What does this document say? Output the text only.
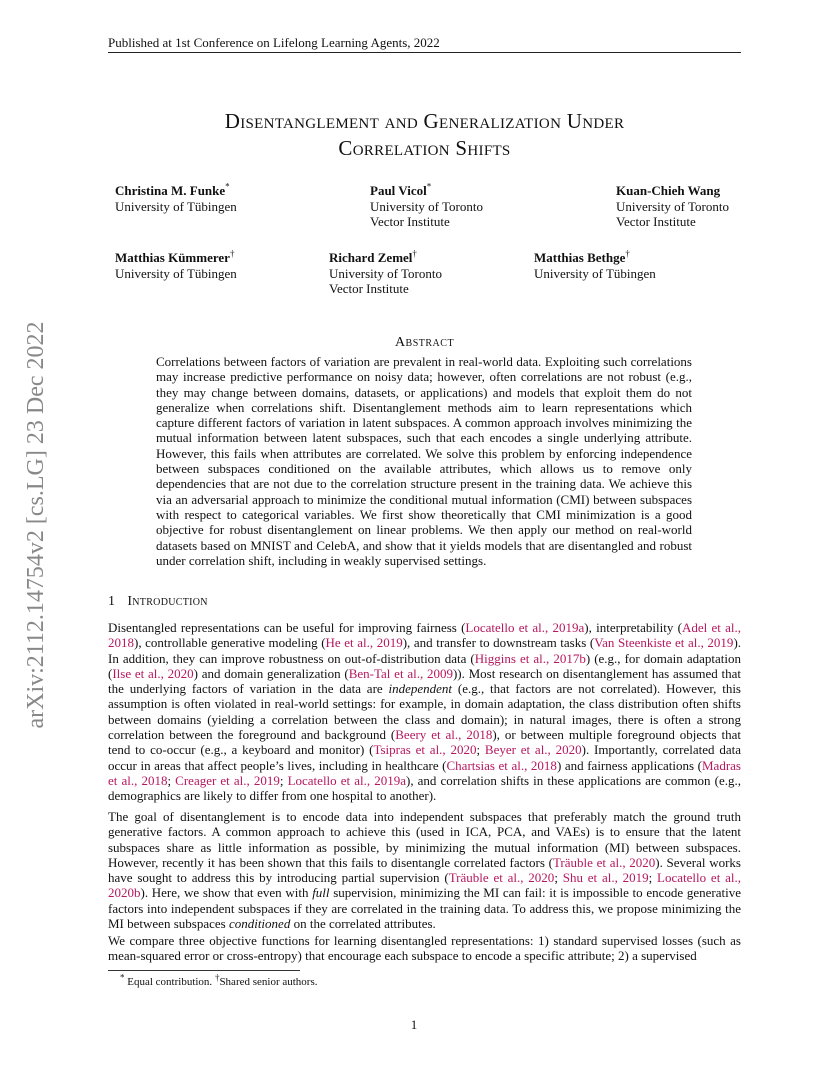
Published at 1st Conference on Lifelong Learning Agents, 2022
arXiv:2112.14754v2 [cs.LG] 23 Dec 2022
Disentanglement and Generalization Under
Correlation Shifts
Christina M. Funke*
University of Tübingen
Paul Vicol*
University of Toronto
Vector Institute
Kuan-Chieh Wang
University of Toronto
Vector Institute
Matthias Kümmerer†
University of Tübingen
Richard Zemel†
University of Toronto
Vector Institute
Matthias Bethge†
University of Tübingen
Abstract
Correlations between factors of variation are prevalent in real-world data. Exploiting such correlations may increase predictive performance on noisy data; however, often correlations are not robust (e.g., they may change between domains, datasets, or applications) and models that exploit them do not generalize when correlations shift. Disentanglement methods aim to learn representations which capture different factors of variation in latent subspaces. A common approach involves minimizing the mutual information between latent subspaces, such that each encodes a single underlying attribute. However, this fails when attributes are correlated. We solve this problem by enforcing independence between subspaces conditioned on the available attributes, which allows us to remove only dependencies that are not due to the correlation structure present in the training data. We achieve this via an adversarial approach to minimize the conditional mutual information (CMI) between subspaces with respect to categorical variables. We first show theoretically that CMI minimization is a good objective for robust disentanglement on linear problems. We then apply our method on real-world datasets based on MNIST and CelebA, and show that it yields models that are disentangled and robust under correlation shift, including in weakly supervised settings.
1 Introduction
Disentangled representations can be useful for improving fairness (Locatello et al., 2019a), interpretability (Adel et al., 2018), controllable generative modeling (He et al., 2019), and transfer to downstream tasks (Van Steenkiste et al., 2019). In addition, they can improve robustness on out-of-distribution data (Higgins et al., 2017b) (e.g., for domain adaptation (Ilse et al., 2020) and domain generalization (Ben-Tal et al., 2009)). Most research on disentanglement has assumed that the underlying factors of variation in the data are independent (e.g., that factors are not correlated). However, this assumption is often violated in real-world settings: for example, in domain adaptation, the class distribution often shifts between domains (yielding a correlation between the class and domain); in natural images, there is often a strong correlation between the foreground and background (Beery et al., 2018), or between multiple foreground objects that tend to co-occur (e.g., a keyboard and monitor) (Tsipras et al., 2020; Beyer et al., 2020). Importantly, correlated data occur in areas that affect people’s lives, including in healthcare (Chartsias et al., 2018) and fairness applications (Madras et al., 2018; Creager et al., 2019; Locatello et al., 2019a), and correlation shifts in these applications are common (e.g., demographics are likely to differ from one hospital to another).
The goal of disentanglement is to encode data into independent subspaces that preferably match the ground truth generative factors. A common approach to achieve this (used in ICA, PCA, and VAEs) is to ensure that the latent subspaces share as little information as possible, by minimizing the mutual information (MI) between subspaces. However, recently it has been shown that this fails to disentangle correlated factors (Träuble et al., 2020). Several works have sought to address this by introducing partial supervision (Träuble et al., 2020; Shu et al., 2019; Locatello et al., 2020b). Here, we show that even with full supervision, minimizing the MI can fail: it is impossible to encode generative factors into independent subspaces if they are correlated in the training data. To address this, we propose minimizing the MI between subspaces conditioned on the correlated attributes.
We compare three objective functions for learning disentangled representations: 1) standard supervised losses (such as mean-squared error or cross-entropy) that encourage each subspace to encode a specific attribute; 2) a supervised
* Equal contribution. †Shared senior authors.
1
